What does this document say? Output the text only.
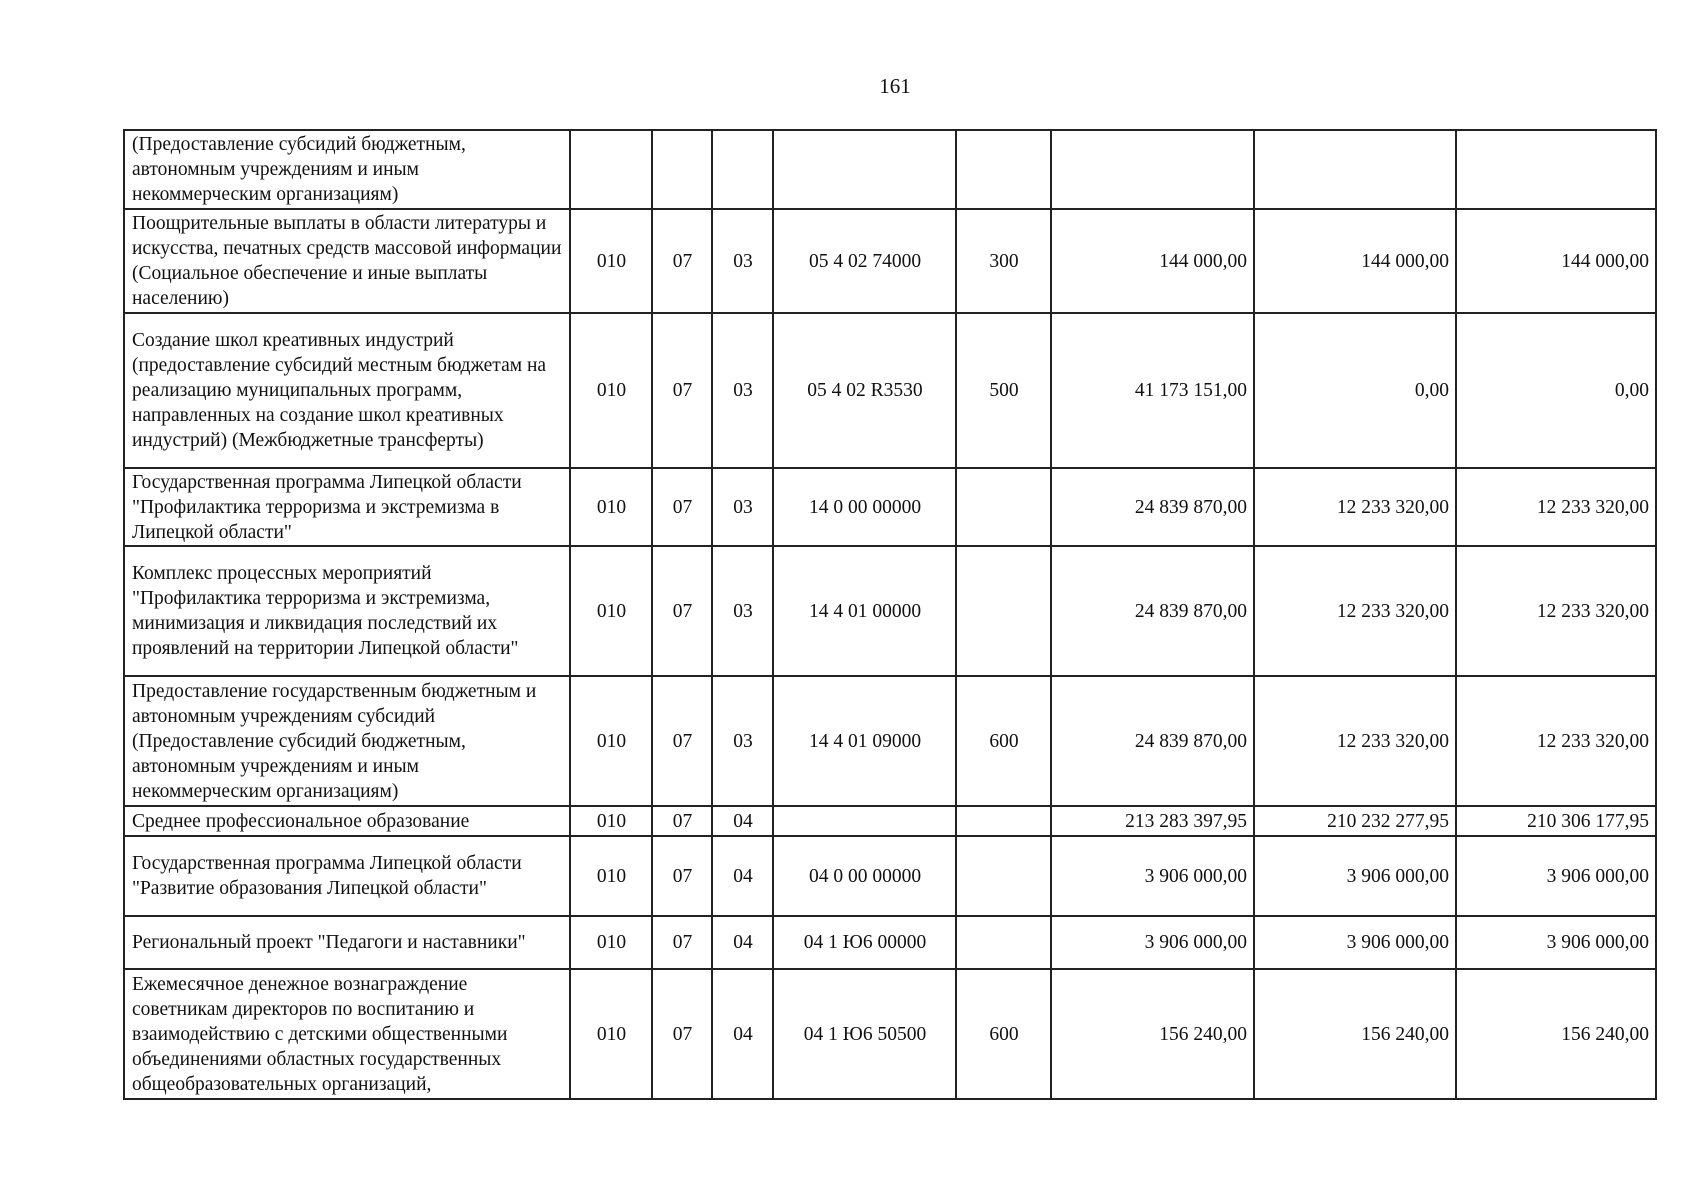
161
(Предоставление субсидий бюджетным, автономным учреждениям и иным некоммерческим организациям)								
Поощрительные выплаты в области литературы и искусства, печатных средств массовой информации (Социальное обеспечение и иные выплаты населению)	010	07	03	05 4 02 74000	300	144 000,00	144 000,00	144 000,00
Создание школ креативных индустрий (предоставление субсидий местным бюджетам на реализацию муниципальных программ, направленных на создание школ креативных индустрий) (Межбюджетные трансферты)	010	07	03	05 4 02 R3530	500	41 173 151,00	0,00	0,00
Государственная программа Липецкой области "Профилактика терроризма и экстремизма в Липецкой области"	010	07	03	14 0 00 00000		24 839 870,00	12 233 320,00	12 233 320,00
Комплекс процессных мероприятий "Профилактика терроризма и экстремизма, минимизация и ликвидация последствий их проявлений на территории Липецкой области"	010	07	03	14 4 01 00000		24 839 870,00	12 233 320,00	12 233 320,00
Предоставление государственным бюджетным и автономным учреждениям субсидий (Предоставление субсидий бюджетным, автономным учреждениям и иным некоммерческим организациям)	010	07	03	14 4 01 09000	600	24 839 870,00	12 233 320,00	12 233 320,00
Среднее профессиональное образование	010	07	04			213 283 397,95	210 232 277,95	210 306 177,95
Государственная программа Липецкой области "Развитие образования Липецкой области"	010	07	04	04 0 00 00000		3 906 000,00	3 906 000,00	3 906 000,00
Региональный проект "Педагоги и наставники"	010	07	04	04 1 Ю6 00000		3 906 000,00	3 906 000,00	3 906 000,00
Ежемесячное денежное вознаграждение советникам директоров по воспитанию и взаимодействию с детскими общественными объединениями областных государственных общеобразовательных организаций,	010	07	04	04 1 Ю6 50500	600	156 240,00	156 240,00	156 240,00
